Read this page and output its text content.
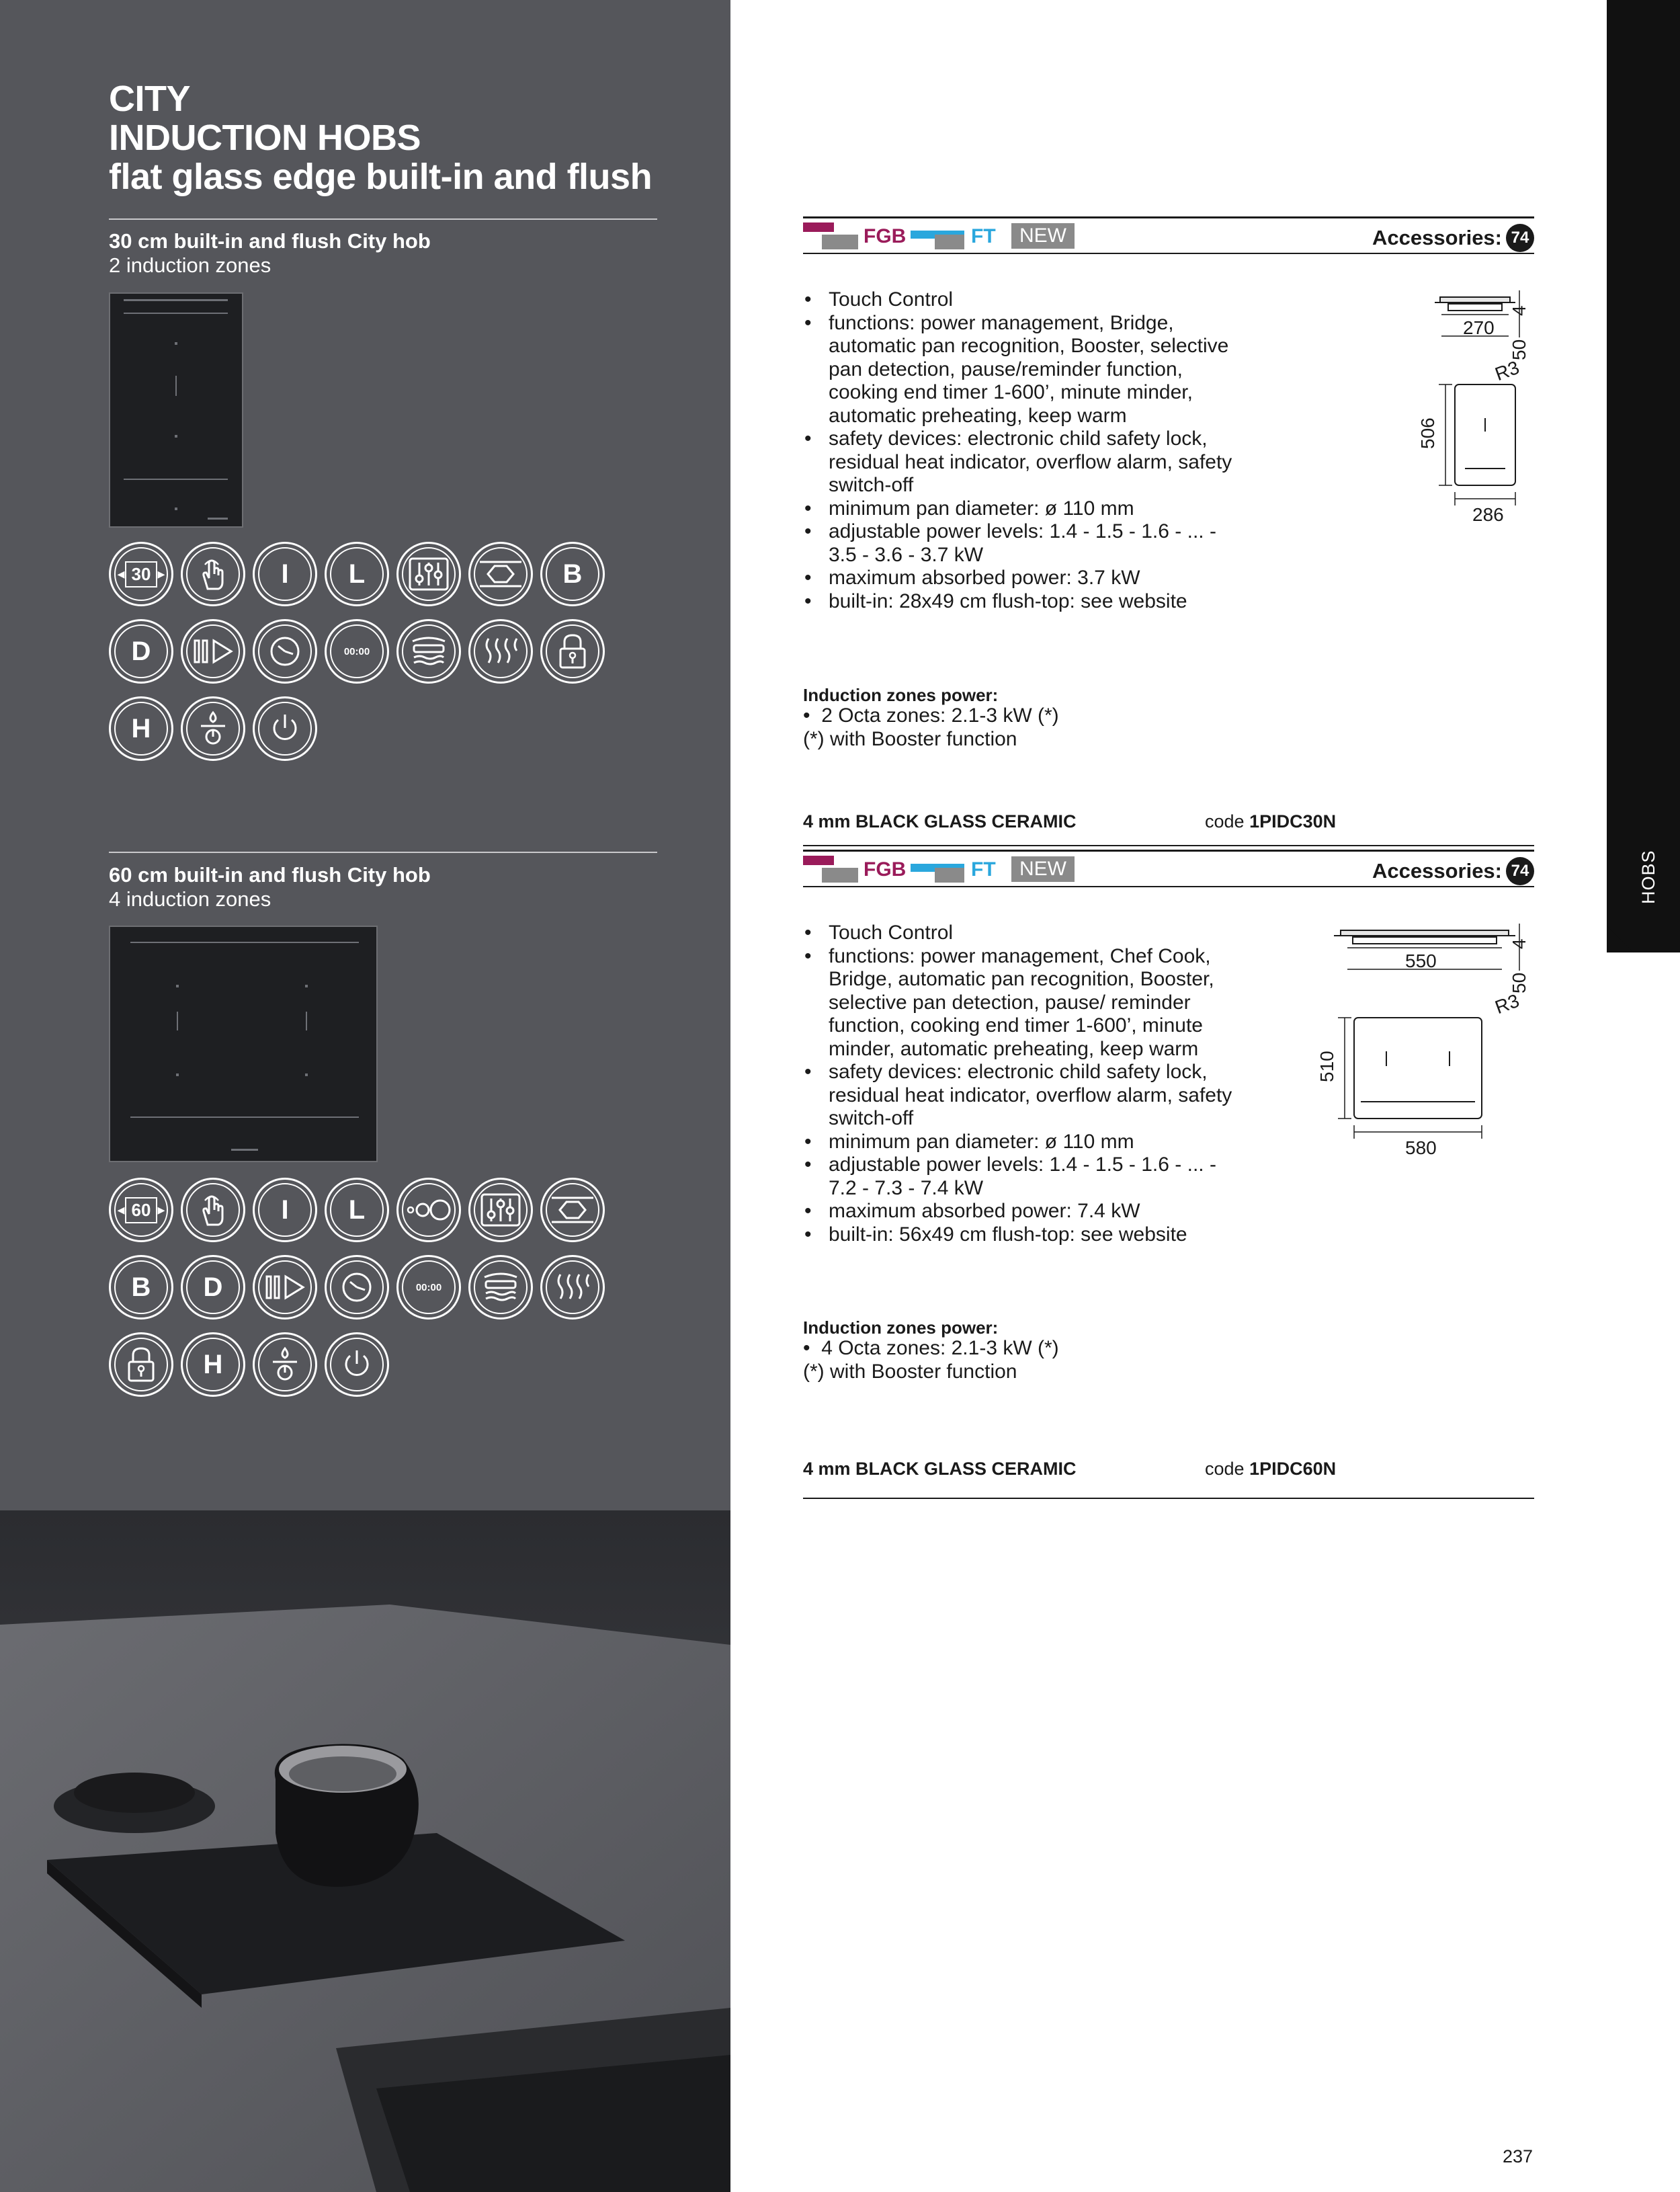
CITY
INDUCTION HOBS
flat glass edge built-in and flush
30 cm built-in and flush City hob
2 induction zones
◂ 30 ▸	I L	B
D	00:00
H
60 cm built-in and flush City hob
4 induction zones
◂ 60 ▸	I L
B D	00:00
H
FGB	FT	NEW	Accessories: 74
• Touch Control
• functions: power management, Bridge, automatic pan recognition, Booster, selective pan detection, pause/reminder function, cooking end timer 1-600’, minute minder, automatic preheating, keep warm
• safety devices: electronic child safety lock, residual heat indicator, overflow alarm, safety switch-off
• minimum pan diameter: ø 110 mm
• adjustable power levels: 1.4 - 1.5 - 1.6 - ... - 3.5 - 3.6 - 3.7 kW
• maximum absorbed power: 3.7 kW
• built-in: 28x49 cm flush-top: see website
Induction zones power:
•  2 Octa zones: 2.1-3 kW (*)
(*) with Booster function
4 mm BLACK GLASS CERAMIC	code 1PIDC30N
270
4
50
R3
506
286
FGB	FT	NEW	Accessories: 74
• Touch Control
• functions: power management, Chef Cook, Bridge, automatic pan recognition, Booster, selective pan detection, pause/ reminder function, cooking end timer 1-600’, minute minder, automatic preheating, keep warm
• safety devices: electronic child safety lock, residual heat indicator, overflow alarm, safety switch-off
• minimum pan diameter: ø 110 mm
• adjustable power levels: 1.4 - 1.5 - 1.6 - ... - 7.2 - 7.3 - 7.4 kW
• maximum absorbed power: 7.4 kW
• built-in: 56x49 cm flush-top: see website
Induction zones power:
•  4 Octa zones: 2.1-3 kW (*)
(*) with Booster function
4 mm BLACK GLASS CERAMIC	code 1PIDC60N
550
4
50
R3
510
580
HOBS
237
